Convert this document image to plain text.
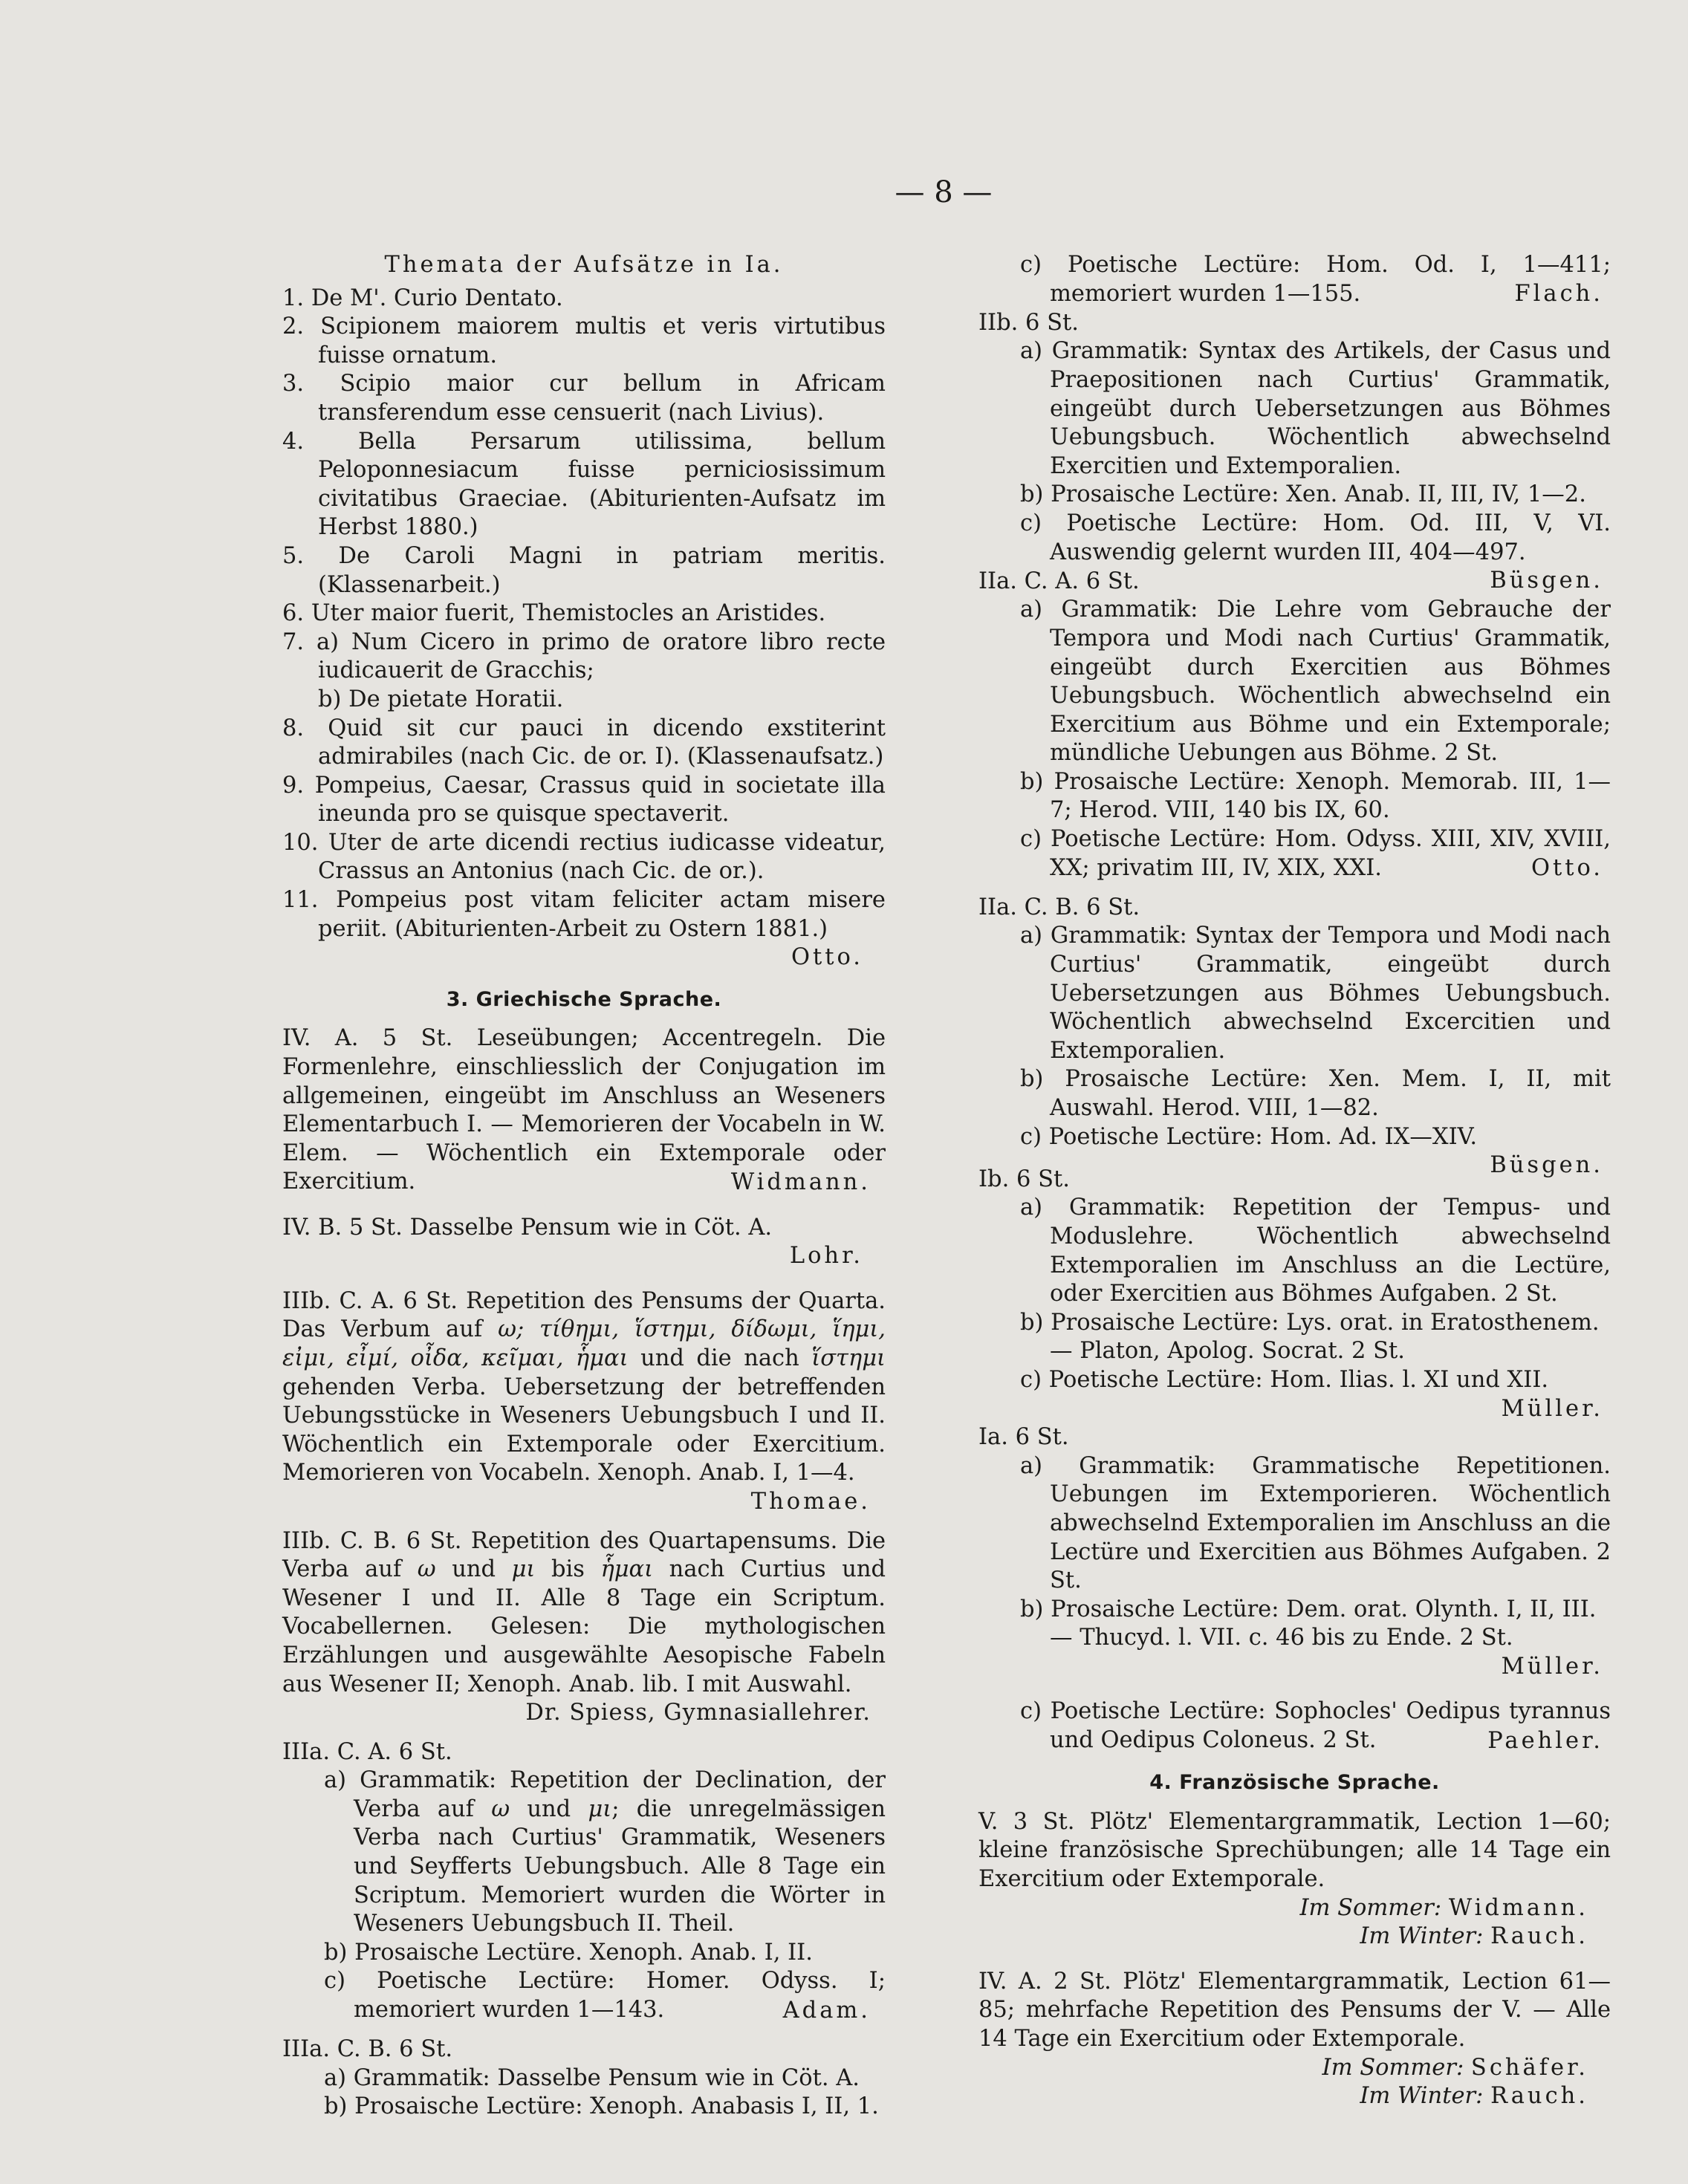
— 8 —

Themata der Aufsätze in Ia.

1. De M'. Curio Dentato.

2. Scipionem maiorem multis et veris virtutibus fuisse ornatum.

3. Scipio maior cur bellum in Africam transferendum esse censuerit (nach Livius).

4. Bella Persarum utilissima, bellum Peloponnesiacum fuisse perniciosissimum civitatibus Graeciae. (Abiturienten-Aufsatz im Herbst 1880.)

5. De Caroli Magni in patriam meritis. (Klassenarbeit.)

6. Uter maior fuerit, Themistocles an Aristides.

7. a) Num Cicero in primo de oratore libro recte iudicauerit de Gracchis;

b) De pietate Horatii.

8. Quid sit cur pauci in dicendo exstiterint admirabiles (nach Cic. de or. I). (Klassenaufsatz.)

9. Pompeius, Caesar, Crassus quid in societate illa ineunda pro se quisque spectaverit.

10. Uter de arte dicendi rectius iudicasse videatur, Crassus an Antonius (nach Cic. de or.).

11. Pompeius post vitam feliciter actam misere periit. (Abiturienten-Arbeit zu Ostern 1881.)

Otto.

3. Griechische Sprache.

IV. A. 5 St. Leseübungen; Accentregeln. Die Formenlehre, einschliesslich der Conjugation im allgemeinen, eingeübt im Anschluss an Weseners Elementarbuch I. — Memorieren der Vocabeln in W. Elem. — Wöchentlich ein Extemporale oder Exercitium.	Widmann.

IV. B. 5 St. Dasselbe Pensum wie in Cöt. A.

Lohr.

IIIb. C. A. 6 St. Repetition des Pensums der Quarta. Das Verbum auf ω; τίθημι, ἵστημι, δίδωμι, ἵημι, εἰμι, εἶμί, οἶδα, κεῖμαι, ἧμαι und die nach ἵστημι gehenden Verba. Uebersetzung der betreffenden Uebungsstücke in Weseners Uebungsbuch I und II. Wöchentlich ein Extemporale oder Exercitium. Memorieren von Vocabeln. Xenoph. Anab. I, 1—4.

Thomae.

IIIb. C. B. 6 St. Repetition des Quartapensums. Die Verba auf ω und μι bis ἧμαι nach Curtius und Wesener I und II. Alle 8 Tage ein Scriptum. Vocabellernen. Gelesen: Die mythologischen Erzählungen und ausgewählte Aesopische Fabeln aus Wesener II; Xenoph. Anab. lib. I mit Auswahl.

Dr. Spiess, Gymnasiallehrer.

IIIa. C. A. 6 St.

a) Grammatik: Repetition der Declination, der Verba auf ω und μι; die unregelmässigen Verba nach Curtius' Grammatik, Weseners und Seyfferts Uebungsbuch. Alle 8 Tage ein Scriptum. Memoriert wurden die Wörter in Weseners Uebungsbuch II. Theil.

b) Prosaische Lectüre. Xenoph. Anab. I, II.

c) Poetische Lectüre: Homer. Odyss. I; memoriert wurden 1—143.	Adam.

IIIa. C. B. 6 St.

a) Grammatik: Dasselbe Pensum wie in Cöt. A.

b) Prosaische Lectüre: Xenoph. Anabasis I, II, 1.

c) Poetische Lectüre: Hom. Od. I, 1—411; memoriert wurden 1—155.	Flach.

IIb. 6 St.

a) Grammatik: Syntax des Artikels, der Casus und Praepositionen nach Curtius' Grammatik, eingeübt durch Uebersetzungen aus Böhmes Uebungsbuch. Wöchentlich abwechselnd Exercitien und Extemporalien.

b) Prosaische Lectüre: Xen. Anab. II, III, IV, 1—2.

c) Poetische Lectüre: Hom. Od. III, V, VI. Auswendig gelernt wurden III, 404—497.

Büsgen.

IIa. C. A. 6 St.

a) Grammatik: Die Lehre vom Gebrauche der Tempora und Modi nach Curtius' Grammatik, eingeübt durch Exercitien aus Böhmes Uebungsbuch. Wöchentlich abwechselnd ein Exercitium aus Böhme und ein Extemporale; mündliche Uebungen aus Böhme. 2 St.

b) Prosaische Lectüre: Xenoph. Memorab. III, 1—7; Herod. VIII, 140 bis IX, 60.

c) Poetische Lectüre: Hom. Odyss. XIII, XIV, XVIII, XX; privatim III, IV, XIX, XXI.	Otto.

IIa. C. B. 6 St.

a) Grammatik: Syntax der Tempora und Modi nach Curtius' Grammatik, eingeübt durch Uebersetzungen aus Böhmes Uebungsbuch. Wöchentlich abwechselnd Excercitien und Extemporalien.

b) Prosaische Lectüre: Xen. Mem. I, II, mit Auswahl. Herod. VIII, 1—82.

c) Poetische Lectüre: Hom. Ad. IX—XIV.

Büsgen.

Ib. 6 St.

a) Grammatik: Repetition der Tempus- und Moduslehre. Wöchentlich abwechselnd Extemporalien im Anschluss an die Lectüre, oder Exercitien aus Böhmes Aufgaben. 2 St.

b) Prosaische Lectüre: Lys. orat. in Eratosthenem.

— Platon, Apolog. Socrat. 2 St.

c) Poetische Lectüre: Hom. Ilias. l. XI und XII.

Müller.

Ia. 6 St.

a) Grammatik: Grammatische Repetitionen. Uebungen im Extemporieren. Wöchentlich abwechselnd Extemporalien im Anschluss an die Lectüre und Exercitien aus Böhmes Aufgaben. 2 St.

b) Prosaische Lectüre: Dem. orat. Olynth. I, II, III.

— Thucyd. l. VII. c. 46 bis zu Ende. 2 St.

Müller.

c) Poetische Lectüre: Sophocles' Oedipus tyrannus und Oedipus Coloneus. 2 St.	Paehler.

4. Französische Sprache.

V. 3 St. Plötz' Elementargrammatik, Lection 1—60; kleine französische Sprechübungen; alle 14 Tage ein Exercitium oder Extemporale.

Im Sommer: Widmann.

Im Winter: Rauch.

IV. A. 2 St. Plötz' Elementargrammatik, Lection 61—85; mehrfache Repetition des Pensums der V. — Alle 14 Tage ein Exercitium oder Extemporale.

Im Sommer: Schäfer.

Im Winter: Rauch.
